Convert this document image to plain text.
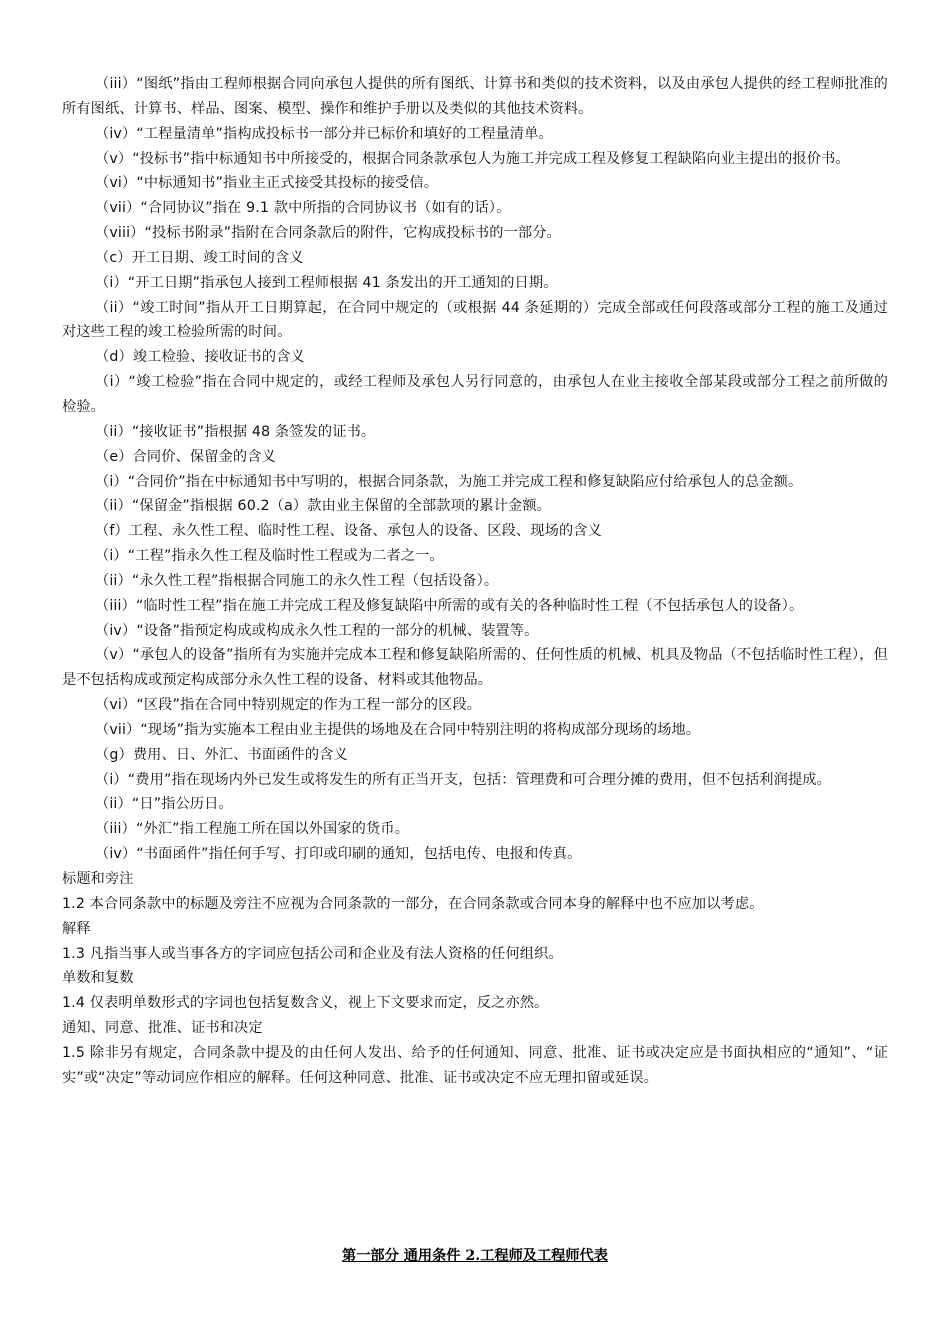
（iii）“图纸”指由工程师根据合同向承包人提供的所有图纸、计算书和类似的技术资料，以及由承包人提供的经工程师批准的所有图纸、计算书、样品、图案、模型、操作和维护手册以及类似的其他技术资料。

（iv）“工程量清单”指构成投标书一部分并已标价和填好的工程量清单。

（v）“投标书”指中标通知书中所接受的，根据合同条款承包人为施工并完成工程及修复工程缺陷向业主提出的报价书。

（vi）“中标通知书”指业主正式接受其投标的接受信。

（vii）“合同协议”指在 9.1 款中所指的合同协议书（如有的话）。

（viii）“投标书附录”指附在合同条款后的附件，它构成投标书的一部分。

（c）开工日期、竣工时间的含义

（i）“开工日期”指承包人接到工程师根据 41 条发出的开工通知的日期。

（ii）“竣工时间”指从开工日期算起，在合同中规定的（或根据 44 条延期的）完成全部或任何段落或部分工程的施工及通过对这些工程的竣工检验所需的时间。

（d）竣工检验、接收证书的含义

（i）“竣工检验”指在合同中规定的，或经工程师及承包人另行同意的，由承包人在业主接收全部某段或部分工程之前所做的检验。

（ii）“接收证书”指根据 48 条签发的证书。

（e）合同价、保留金的含义

（i）“合同价”指在中标通知书中写明的，根据合同条款，为施工并完成工程和修复缺陷应付给承包人的总金额。

（ii）“保留金”指根据 60.2（a）款由业主保留的全部款项的累计金额。

（f）工程、永久性工程、临时性工程、设备、承包人的设备、区段、现场的含义

（i）“工程”指永久性工程及临时性工程或为二者之一。

（ii）“永久性工程”指根据合同施工的永久性工程（包括设备）。

（iii）“临时性工程”指在施工并完成工程及修复缺陷中所需的或有关的各种临时性工程（不包括承包人的设备）。

（iv）“设备”指预定构成或构成永久性工程的一部分的机械、装置等。

（v）“承包人的设备”指所有为实施并完成本工程和修复缺陷所需的、任何性质的机械、机具及物品（不包括临时性工程），但是不包括构成或预定构成部分永久性工程的设备、材料或其他物品。

（vi）“区段”指在合同中特别规定的作为工程一部分的区段。

（vii）“现场”指为实施本工程由业主提供的场地及在合同中特别注明的将构成部分现场的场地。

（g）费用、日、外汇、书面函件的含义

（i）“费用”指在现场内外已发生或将发生的所有正当开支，包括：管理费和可合理分摊的费用，但不包括利润提成。

（ii）“日”指公历日。

（iii）“外汇”指工程施工所在国以外国家的货币。

（iv）“书面函件”指任何手写、打印或印刷的通知，包括电传、电报和传真。

标题和旁注

1.2 本合同条款中的标题及旁注不应视为合同条款的一部分，在合同条款或合同本身的解释中也不应加以考虑。

解释

1.3 凡指当事人或当事各方的字词应包括公司和企业及有法人资格的任何组织。

单数和复数

1.4 仅表明单数形式的字词也包括复数含义，视上下文要求而定，反之亦然。

通知、同意、批准、证书和决定

1.5 除非另有规定，合同条款中提及的由任何人发出、给予的任何通知、同意、批准、证书或决定应是书面执相应的“通知”、“证实”或“决定”等动词应作相应的解释。任何这种同意、批准、证书或决定不应无理扣留或延误。

第一部分 通用条件 2.工程师及工程师代表
